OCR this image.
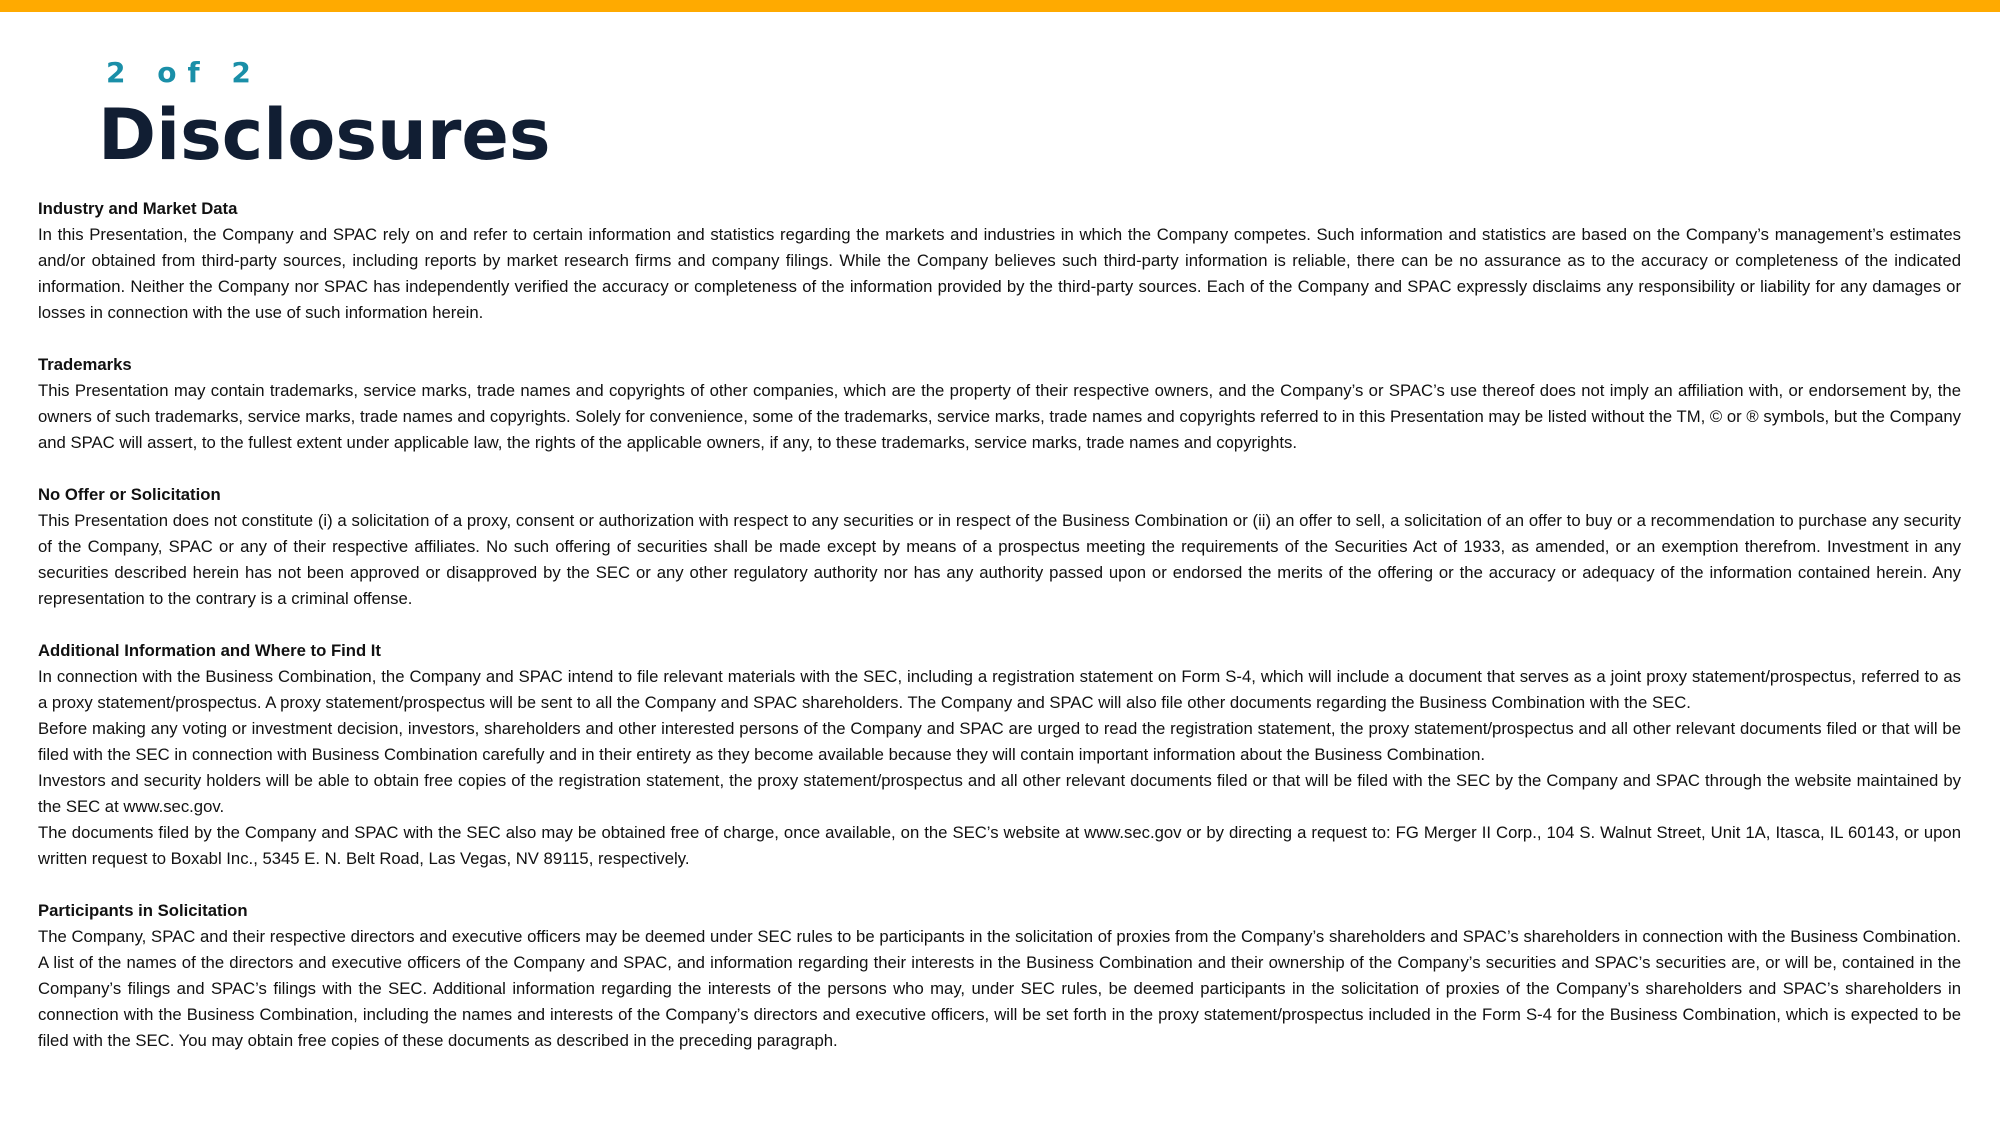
2 of 2
Disclosures

Industry and Market Data

In this Presentation, the Company and SPAC rely on and refer to certain information and statistics regarding the markets and industries in which the Company competes. Such information and statistics are based on the Company’s management’s estimates and/or obtained from third-party sources, including reports by market research firms and company filings. While the Company believes such third-party information is reliable, there can be no assurance as to the accuracy or completeness of the indicated information. Neither the Company nor SPAC has independently verified the accuracy or completeness of the information provided by the third-party sources. Each of the Company and SPAC expressly disclaims any responsibility or liability for any damages or losses in connection with the use of such information herein.

Trademarks

This Presentation may contain trademarks, service marks, trade names and copyrights of other companies, which are the property of their respective owners, and the Company’s or SPAC’s use thereof does not imply an affiliation with, or endorsement by, the owners of such trademarks, service marks, trade names and copyrights. Solely for convenience, some of the trademarks, service marks, trade names and copyrights referred to in this Presentation may be listed without the TM, © or ® symbols, but the Company and SPAC will assert, to the fullest extent under applicable law, the rights of the applicable owners, if any, to these trademarks, service marks, trade names and copyrights.

No Offer or Solicitation

This Presentation does not constitute (i) a solicitation of a proxy, consent or authorization with respect to any securities or in respect of the Business Combination or (ii) an offer to sell, a solicitation of an offer to buy or a recommendation to purchase any security of the Company, SPAC or any of their respective affiliates. No such offering of securities shall be made except by means of a prospectus meeting the requirements of the Securities Act of 1933, as amended, or an exemption therefrom. Investment in any securities described herein has not been approved or disapproved by the SEC or any other regulatory authority nor has any authority passed upon or endorsed the merits of the offering or the accuracy or adequacy of the information contained herein. Any representation to the contrary is a criminal offense.

Additional Information and Where to Find It

In connection with the Business Combination, the Company and SPAC intend to file relevant materials with the SEC, including a registration statement on Form S-4, which will include a document that serves as a joint proxy statement/prospectus, referred to as a proxy statement/prospectus. A proxy statement/prospectus will be sent to all the Company and SPAC shareholders. The Company and SPAC will also file other documents regarding the Business Combination with the SEC.

Before making any voting or investment decision, investors, shareholders and other interested persons of the Company and SPAC are urged to read the registration statement, the proxy statement/prospectus and all other relevant documents filed or that will be filed with the SEC in connection with Business Combination carefully and in their entirety as they become available because they will contain important information about the Business Combination.

Investors and security holders will be able to obtain free copies of the registration statement, the proxy statement/prospectus and all other relevant documents filed or that will be filed with the SEC by the Company and SPAC through the website maintained by the SEC at www.sec.gov.

The documents filed by the Company and SPAC with the SEC also may be obtained free of charge, once available, on the SEC’s website at www.sec.gov or by directing a request to: FG Merger II Corp., 104 S. Walnut Street, Unit 1A, Itasca, IL 60143, or upon written request to Boxabl Inc., 5345 E. N. Belt Road, Las Vegas, NV 89115, respectively.

Participants in Solicitation

The Company, SPAC and their respective directors and executive officers may be deemed under SEC rules to be participants in the solicitation of proxies from the Company’s shareholders and SPAC’s shareholders in connection with the Business Combination. A list of the names of the directors and executive officers of the Company and SPAC, and information regarding their interests in the Business Combination and their ownership of the Company’s securities and SPAC’s securities are, or will be, contained in the Company’s filings and SPAC’s filings with the SEC. Additional information regarding the interests of the persons who may, under SEC rules, be deemed participants in the solicitation of proxies of the Company’s shareholders and SPAC’s shareholders in connection with the Business Combination, including the names and interests of the Company’s directors and executive officers, will be set forth in the proxy statement/prospectus included in the Form S-4 for the Business Combination, which is expected to be filed with the SEC. You may obtain free copies of these documents as described in the preceding paragraph.
